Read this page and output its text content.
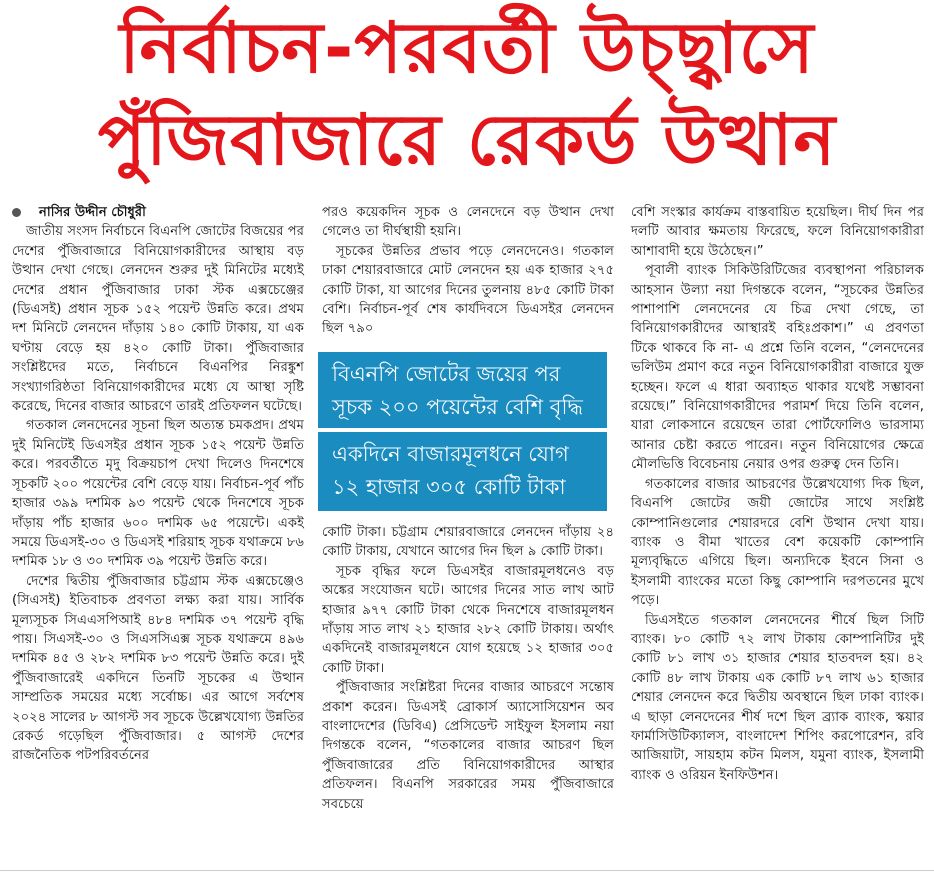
নির্বাচন-পরবর্তী উচ্ছ্বাসে
পুঁজিবাজারে রেকর্ড উত্থান

নাসির উদ্দীন চৌধুরী

জাতীয় সংসদ নির্বাচনে বিএনপি জোটের বিজয়ের পর দেশের পুঁজিবাজারে বিনিয়োগকারীদের আস্থায় বড় উত্থান দেখা গেছে। লেনদেন শুরুর দুই মিনিটের মধ্যেই দেশের প্রধান পুঁজিবাজার ঢাকা স্টক এক্সচেঞ্জের (ডিএসই) প্রধান সূচক ১৫২ পয়েন্ট উন্নতি করে। প্রথম দশ মিনিটে লেনদেন দাঁড়ায় ১৪০ কোটি টাকায়, যা এক ঘণ্টায় বেড়ে হয় ৪২০ কোটি টাকা। পুঁজিবাজার সংশ্লিষ্টদের মতে, নির্বাচনে বিএনপির নিরঙ্কুশ সংখ্যাগরিষ্ঠতা বিনিয়োগকারীদের মধ্যে যে আস্থা সৃষ্টি করেছে, দিনের বাজার আচরণে তারই প্রতিফলন ঘটেছে।

গতকাল লেনদেনের সূচনা ছিল অত্যন্ত চমকপ্রদ। প্রথম দুই মিনিটেই ডিএসইর প্রধান সূচক ১৫২ পয়েন্ট উন্নতি করে। পরবর্তীতে মৃদু বিক্রয়চাপ দেখা দিলেও দিনশেষে সূচকটি ২০০ পয়েন্টের বেশি বেড়ে যায়। নির্বাচন-পূর্ব পাঁচ হাজার ৩৯৯ দশমিক ৯৩ পয়েন্ট থেকে দিনশেষে সূচক দাঁড়ায় পাঁচ হাজার ৬০০ দশমিক ৬৫ পয়েন্টে। একই সময়ে ডিএসই-৩০ ও ডিএসই শরিয়াহ সূচক যথাক্রমে ৮৬ দশমিক ১৮ ও ৩০ দশমিক ৩৯ পয়েন্ট উন্নতি করে।

দেশের দ্বিতীয় পুঁজিবাজার চট্টগ্রাম স্টক এক্সচেঞ্জেও (সিএসই) ইতিবাচক প্রবণতা লক্ষ্য করা যায়। সার্বিক মূল্যসূচক সিএএসপিআই ৪৮৪ দশমিক ৩৭ পয়েন্ট বৃদ্ধি পায়। সিএসই-৩০ ও সিএসসিএক্স সূচক যথাক্রমে ৪৯৬ দশমিক ৪৫ ও ২৮২ দশমিক ৮৩ পয়েন্ট উন্নতি করে। দুই পুঁজিবাজারেই একদিনে তিনটি সূচকের এ উত্থান সাম্প্রতিক সময়ের মধ্যে সর্বোচ্চ। এর আগে সর্বশেষ ২০২৪ সালের ৮ আগস্ট সব সূচকে উল্লেখযোগ্য উন্নতির রেকর্ড গড়েছিল পুঁজিবাজার। ৫ আগস্ট দেশের রাজনৈতিক পটপরিবর্তনের

পরও কয়েকদিন সূচক ও লেনদেনে বড় উত্থান দেখা গেলেও তা দীর্ঘস্থায়ী হয়নি।

সূচকের উন্নতির প্রভাব পড়ে লেনদেনেও। গতকাল ঢাকা শেয়ারবাজারে মোট লেনদেন হয় এক হাজার ২৭৫ কোটি টাকা, যা আগের দিনের তুলনায় ৪৮৫ কোটি টাকা বেশি। নির্বাচন-পূর্ব শেষ কার্যদিবসে ডিএসইর লেনদেন ছিল ৭৯০

বিএনপি জোটের জয়ের পর
সূচক ২০০ পয়েন্টের বেশি বৃদ্ধি
একদিনে বাজারমূলধনে যোগ
১২ হাজার ৩০৫ কোটি টাকা

কোটি টাকা। চট্টগ্রাম শেয়ারবাজারে লেনদেন দাঁড়ায় ২৪ কোটি টাকায়, যেখানে আগের দিন ছিল ৯ কোটি টাকা।

সূচক বৃদ্ধির ফলে ডিএসইর বাজারমূলধনেও বড় অঙ্কের সংযোজন ঘটে। আগের দিনের সাত লাখ আট হাজার ৯৭৭ কোটি টাকা থেকে দিনশেষে বাজারমূলধন দাঁড়ায় সাত লাখ ২১ হাজার ২৮২ কোটি টাকায়। অর্থাৎ একদিনেই বাজারমূলধনে যোগ হয়েছে ১২ হাজার ৩০৫ কোটি টাকা।

পুঁজিবাজার সংশ্লিষ্টরা দিনের বাজার আচরণে সন্তোষ প্রকাশ করেন। ডিএসই ব্রোকার্স অ্যাসোসিয়েশন অব বাংলাদেশের (ডিবিএ) প্রেসিডেন্ট সাইফুল ইসলাম নয়া দিগন্তকে বলেন, “গতকালের বাজার আচরণ ছিল পুঁজিবাজারের প্রতি বিনিয়োগকারীদের আস্থার প্রতিফলন। বিএনপি সরকারের সময় পুঁজিবাজারে সবচেয়ে

বেশি সংস্কার কার্যক্রম বাস্তবায়িত হয়েছিল। দীর্ঘ দিন পর দলটি আবার ক্ষমতায় ফিরেছে, ফলে বিনিয়োগকারীরা আশাবাদী হয়ে উঠেছেন।”

পূবালী ব্যাংক সিকিউরিটিজের ব্যবস্থাপনা পরিচালক আহসান উল্যা নয়া দিগন্তকে বলেন, “সূচকের উন্নতির পাশাপাশি লেনদেনের যে চিত্র দেখা গেছে, তা বিনিয়োগকারীদের আস্থারই বহিঃপ্রকাশ।” এ প্রবণতা টিকে থাকবে কি না- এ প্রশ্নে তিনি বলেন, “লেনদেনের ভলিউম প্রমাণ করে নতুন বিনিয়োগকারীরা বাজারে যুক্ত হচ্ছেন। ফলে এ ধারা অব্যাহত থাকার যথেষ্ট সম্ভাবনা রয়েছে।” বিনিয়োগকারীদের পরামর্শ দিয়ে তিনি বলেন, যারা লোকসানে রয়েছেন তারা পোর্টফোলিও ভারসাম্য আনার চেষ্টা করতে পারেন। নতুন বিনিয়োগের ক্ষেত্রে মৌলভিত্তি বিবেচনায় নেয়ার ওপর গুরুত্ব দেন তিনি।

গতকালের বাজার আচরণের উল্লেখযোগ্য দিক ছিল, বিএনপি জোটের জয়ী জোটের সাথে সংশ্লিষ্ট কোম্পানিগুলোর শেয়ারদরে বেশি উত্থান দেখা যায়। ব্যাংক ও বীমা খাতের বেশ কয়েকটি কোম্পানি মূল্যবৃদ্ধিতে এগিয়ে ছিল। অন্যদিকে ইবনে সিনা ও ইসলামী ব্যাংকের মতো কিছু কোম্পানি দরপতনের মুখে পড়ে।

ডিএসইতে গতকাল লেনদেনের শীর্ষে ছিল সিটি ব্যাংক। ৮০ কোটি ৭২ লাখ টাকায় কোম্পানিটির দুই কোটি ৮১ লাখ ৩১ হাজার শেয়ার হাতবদল হয়। ৪২ কোটি ৪৮ লাখ টাকায় এক কোটি ৮৭ লাখ ৬১ হাজার শেয়ার লেনদেন করে দ্বিতীয় অবস্থানে ছিল ঢাকা ব্যাংক। এ ছাড়া লেনদেনের শীর্ষ দশে ছিল ব্র্যাক ব্যাংক, স্কয়ার ফার্মাসিউটিক্যালস, বাংলাদেশ শিপিং করপোরেশন, রবি আজিয়াটা, সায়হাম কটন মিলস, যমুনা ব্যাংক, ইসলামী ব্যাংক ও ওরিয়ন ইনফিউশন।
